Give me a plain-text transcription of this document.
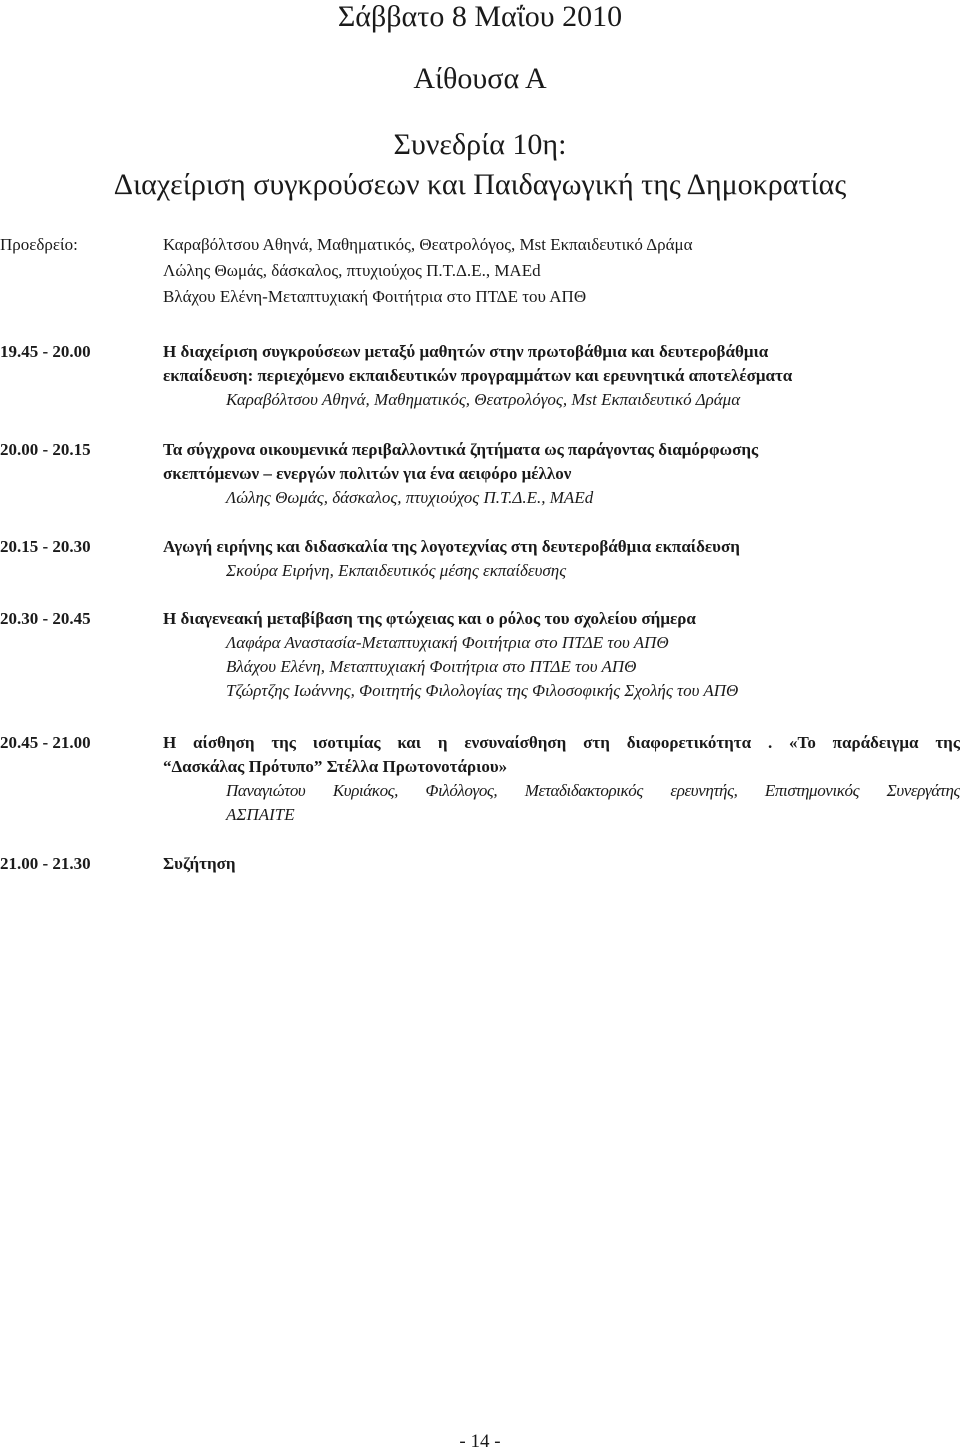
Σάββατο 8 Μαΐου 2010
Αίθουσα Α
Συνεδρία 10η:
Διαχείριση συγκρούσεων και Παιδαγωγική της Δημοκρατίας
Προεδρείο:	Καραβόλτσου Αθηνά, Μαθηματικός, Θεατρολόγος, Mst Εκπαιδευτικό Δράμα
Λώλης Θωμάς, δάσκαλος, πτυχιούχος Π.Τ.Δ.Ε., MAEd
Βλάχου Ελένη-Μεταπτυχιακή Φοιτήτρια στο ΠΤΔΕ του ΑΠΘ
19.45 - 20.00	Η διαχείριση συγκρούσεων μεταξύ μαθητών στην πρωτοβάθμια και δευτεροβάθμια
εκπαίδευση: περιεχόμενο εκπαιδευτικών προγραμμάτων και ερευνητικά αποτελέσματα
Καραβόλτσου Αθηνά, Μαθηματικός, Θεατρολόγος, Mst Εκπαιδευτικό Δράμα
20.00 - 20.15	Τα σύγχρονα οικουμενικά περιβαλλοντικά ζητήματα ως παράγοντας διαμόρφωσης
σκεπτόμενων – ενεργών πολιτών για ένα αειφόρο μέλλον
Λώλης Θωμάς, δάσκαλος, πτυχιούχος Π.Τ.Δ.Ε., MAEd
20.15 - 20.30	Αγωγή ειρήνης και διδασκαλία της λογοτεχνίας στη δευτεροβάθμια εκπαίδευση
Σκούρα Ειρήνη, Εκπαιδευτικός μέσης εκπαίδευσης
20.30 - 20.45	Η διαγενεακή μεταβίβαση της φτώχειας και ο ρόλος του σχολείου σήμερα
Λαφάρα Αναστασία-Μεταπτυχιακή Φοιτήτρια στο ΠΤΔΕ του ΑΠΘ
Βλάχου Ελένη, Μεταπτυχιακή Φοιτήτρια στο ΠΤΔΕ του ΑΠΘ
Τζώρτζης Ιωάννης, Φοιτητής Φιλολογίας της Φιλοσοφικής Σχολής του ΑΠΘ
20.45 - 21.00	Η αίσθηση της ισοτιμίας και η ενσυναίσθηση στη διαφορετικότητα . «Το παράδειγμα της
“Δασκάλας Πρότυπο” Στέλλα Πρωτονοτάριου»
Παναγιώτου Κυριάκος, Φιλόλογος, Μεταδιδακτορικός ερευνητής, Επιστημονικός Συνεργάτης
ΑΣΠΑΙΤΕ
21.00 - 21.30	Συζήτηση
- 14 -
